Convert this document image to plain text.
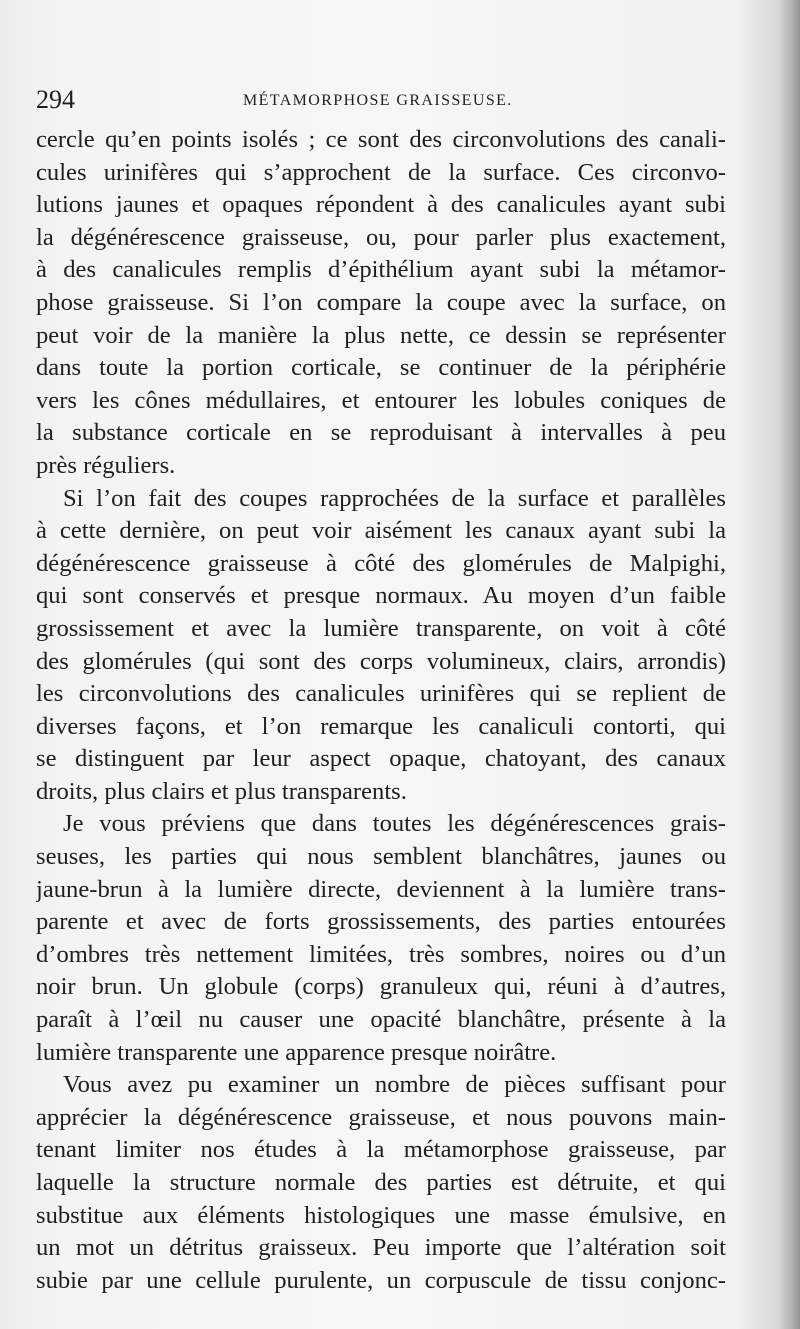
294	MÉTAMORPHOSE GRAISSEUSE.

cercle qu’en points isolés ; ce sont des circonvolutions des canali-
cules urinifères qui s’approchent de la surface. Ces circonvo-
lutions jaunes et opaques répondent à des canalicules ayant subi
la dégénérescence graisseuse, ou, pour parler plus exactement,
à des canalicules remplis d’épithélium ayant subi la métamor-
phose graisseuse. Si l’on compare la coupe avec la surface, on
peut voir de la manière la plus nette, ce dessin se représenter
dans toute la portion corticale, se continuer de la périphérie
vers les cônes médullaires, et entourer les lobules coniques de
la substance corticale en se reproduisant à intervalles à peu
près réguliers.

Si l’on fait des coupes rapprochées de la surface et parallèles
à cette dernière, on peut voir aisément les canaux ayant subi la
dégénérescence graisseuse à côté des glomérules de Malpighi,
qui sont conservés et presque normaux. Au moyen d’un faible
grossissement et avec la lumière transparente, on voit à côté
des glomérules (qui sont des corps volumineux, clairs, arrondis)
les circonvolutions des canalicules urinifères qui se replient de
diverses façons, et l’on remarque les canaliculi contorti, qui
se distinguent par leur aspect opaque, chatoyant, des canaux
droits, plus clairs et plus transparents.

Je vous préviens que dans toutes les dégénérescences grais-
seuses, les parties qui nous semblent blanchâtres, jaunes ou
jaune-brun à la lumière directe, deviennent à la lumière trans-
parente et avec de forts grossissements, des parties entourées
d’ombres très nettement limitées, très sombres, noires ou d’un
noir brun. Un globule (corps) granuleux qui, réuni à d’autres,
paraît à l’œil nu causer une opacité blanchâtre, présente à la
lumière transparente une apparence presque noirâtre.

Vous avez pu examiner un nombre de pièces suffisant pour
apprécier la dégénérescence graisseuse, et nous pouvons main-
tenant limiter nos études à la métamorphose graisseuse, par
laquelle la structure normale des parties est détruite, et qui
substitue aux éléments histologiques une masse émulsive, en
un mot un détritus graisseux. Peu importe que l’altération soit
subie par une cellule purulente, un corpuscule de tissu conjonc-
